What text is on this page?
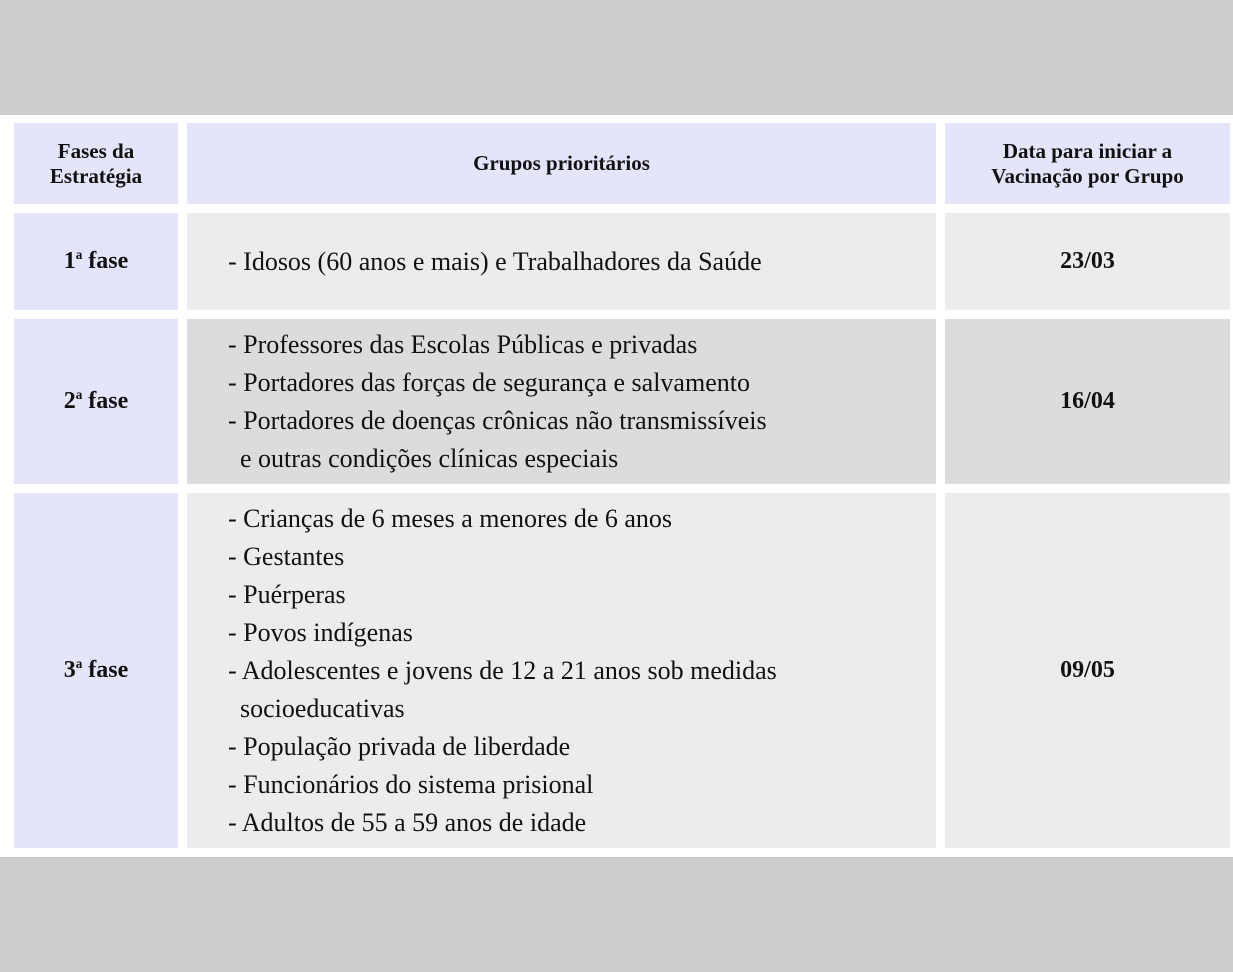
Fases da
Estratégia
Grupos prioritários
Data para iniciar a
Vacinação por Grupo
1$^a$ fase	- Idosos (60 anos e mais) e Trabalhadores da Saúde	23/03
2$^a$ fase
- Professores das Escolas Públicas e privadas
- Portadores das forças de segurança e salvamento
- Portadores de doenças crônicas não transmissíveis
e outras condições clínicas especiais
16/04
3$^a$ fase
- Crianças de 6 meses a menores de 6 anos
- Gestantes
- Puérperas
- Povos indígenas
- Adolescentes e jovens de 12 a 21 anos sob medidas
socioeducativas
- População privada de liberdade
- Funcionários do sistema prisional
- Adultos de 55 a 59 anos de idade
09/05
